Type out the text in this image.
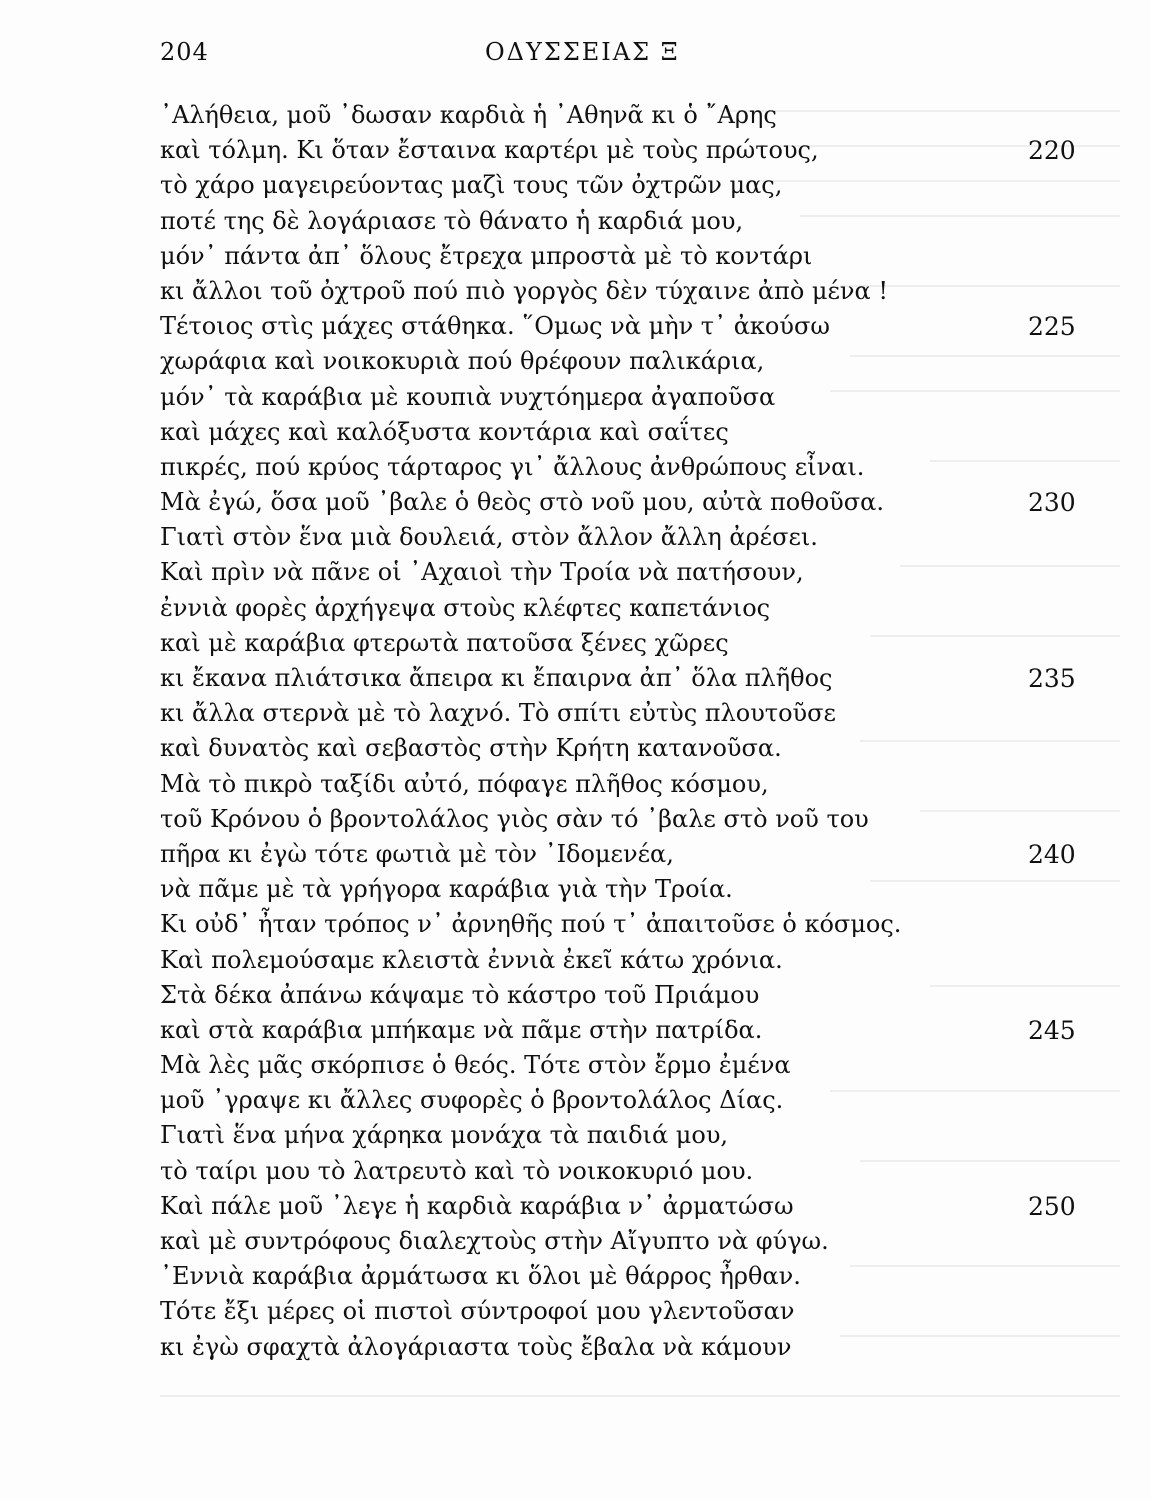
204	ΟΔΥΣΣΕΙΑΣ Ξ
᾿Αλήθεια, μοῦ ᾿δωσαν καρδιὰ ἡ ᾿Αθηνᾶ κι ὁ ῎Αρης
καὶ τόλμη. Κι ὅταν ἔσταινα καρτέρι μὲ τοὺς πρώτους,	220
τὸ χάρο μαγειρεύοντας μαζὶ τους τῶν ὀχτρῶν μας,
ποτέ της δὲ λογάριασε τὸ θάνατο ἡ καρδιά μου,
μόν᾿ πάντα ἀπ᾿ ὅλους ἔτρεχα μπροστὰ μὲ τὸ κοντάρι
κι ἄλλοι τοῦ ὀχτροῦ πού πιὸ γοργὸς δὲν τύχαινε ἀπὸ μένα !
Τέτοιος στὶς μάχες στάθηκα. ῞Ομως νὰ μὴν τ᾿ ἀκούσω	225
χωράφια καὶ νοικοκυριὰ πού θρέφουν παλικάρια,
μόν᾿ τὰ καράβια μὲ κουπιὰ νυχτόημερα ἀγαποῦσα
καὶ μάχες καὶ καλόξυστα κοντάρια καὶ σαΐτες
πικρές, πού κρύος τάρταρος γι᾿ ἄλλους ἀνθρώπους εἶναι.
Μὰ ἐγώ, ὅσα μοῦ ᾿βαλε ὁ θεὸς στὸ νοῦ μου, αὐτὰ ποθοῦσα.	230
Γιατὶ στὸν ἕνα μιὰ δουλειά, στὸν ἄλλον ἄλλη ἀρέσει.
Καὶ πρὶν νὰ πᾶνε οἱ ᾿Αχαιοὶ τὴν Τροία νὰ πατήσουν,
ἐννιὰ φορὲς ἀρχήγεψα στοὺς κλέφτες καπετάνιος
καὶ μὲ καράβια φτερωτὰ πατοῦσα ξένες χῶρες
κι ἔκανα πλιάτσικα ἄπειρα κι ἔπαιρνα ἀπ᾿ ὅλα πλῆθος	235
κι ἄλλα στερνὰ μὲ τὸ λαχνό. Τὸ σπίτι εὐτὺς πλουτοῦσε
καὶ δυνατὸς καὶ σεβαστὸς στὴν Κρήτη κατανοῦσα.
Μὰ τὸ πικρὸ ταξίδι αὐτό, πόφαγε πλῆθος κόσμου,
τοῦ Κρόνου ὁ βροντολάλος γιὸς σὰν τό ᾿βαλε στὸ νοῦ του
πῆρα κι ἐγὼ τότε φωτιὰ μὲ τὸν ᾿Ιδομενέα,	240
νὰ πᾶμε μὲ τὰ γρήγορα καράβια γιὰ τὴν Τροία.
Κι οὐδ᾿ ἦταν τρόπος ν᾿ ἀρνηθῆς πού τ᾿ ἀπαιτοῦσε ὁ κόσμος.
Καὶ πολεμούσαμε κλειστὰ ἐννιὰ ἐκεῖ κάτω χρόνια.
Στὰ δέκα ἀπάνω κάψαμε τὸ κάστρο τοῦ Πριάμου
καὶ στὰ καράβια μπήκαμε νὰ πᾶμε στὴν πατρίδα.	245
Μὰ λὲς μᾶς σκόρπισε ὁ θεός. Τότε στὸν ἔρμο ἐμένα
μοῦ ᾿γραψε κι ἄλλες συφορὲς ὁ βροντολάλος Δίας.
Γιατὶ ἕνα μήνα χάρηκα μονάχα τὰ παιδιά μου,
τὸ ταίρι μου τὸ λατρευτὸ καὶ τὸ νοικοκυριό μου.
Καὶ πάλε μοῦ ᾿λεγε ἡ καρδιὰ καράβια ν᾿ ἀρματώσω	250
καὶ μὲ συντρόφους διαλεχτοὺς στὴν Αἴγυπτο νὰ φύγω.
᾿Εννιὰ καράβια ἀρμάτωσα κι ὅλοι μὲ θάρρος ἦρθαν.
Τότε ἔξι μέρες οἱ πιστοὶ σύντροφοί μου γλεντοῦσαν
κι ἐγὼ σφαχτὰ ἀλογάριαστα τοὺς ἔβαλα νὰ κάμουν
